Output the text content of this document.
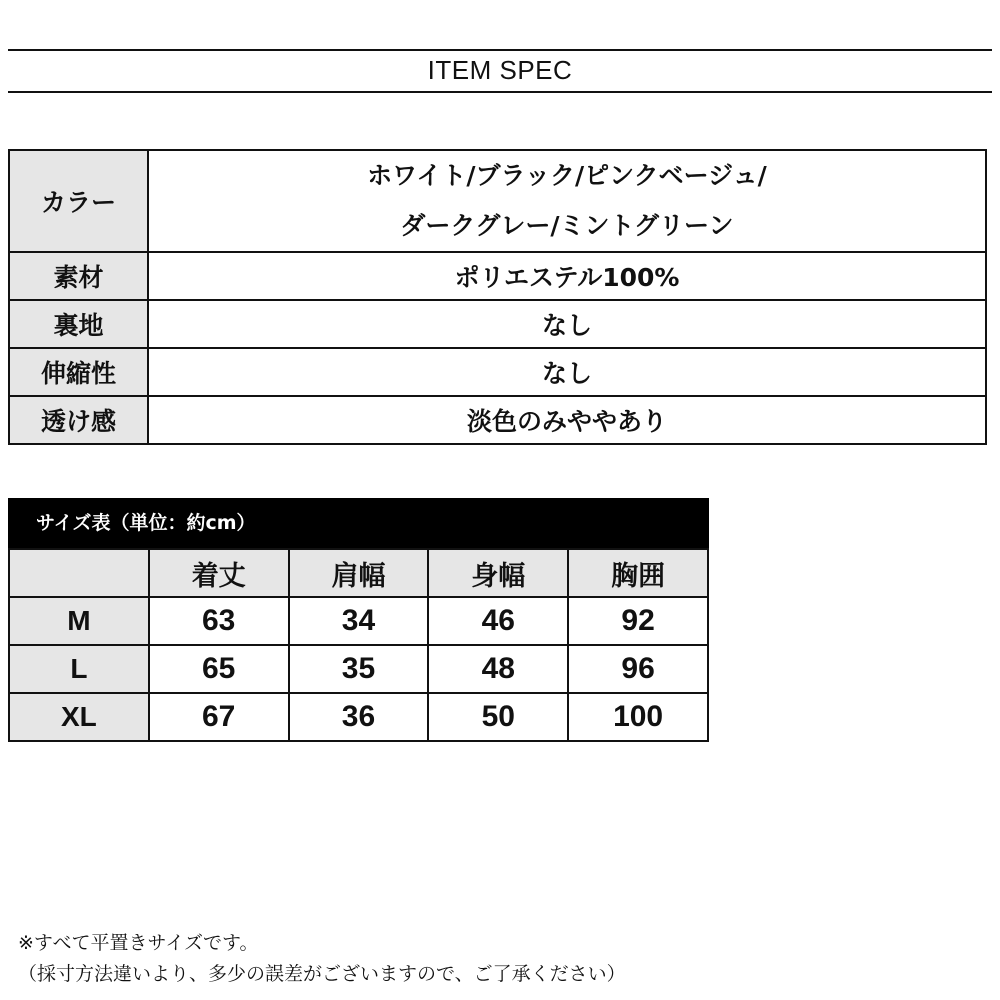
ITEM SPEC
カラー	ホワイト/ブラック/ピンクベージュ/
ダークグレー/ミントグリーン

素材	ポリエステル100%
裏地	なし
伸縮性	なし
透け感	淡色のみややあり
サイズ表（単位：約cm）
	着丈	肩幅	身幅	胸囲
M	63	34	46	92
L	65	35	48	96
XL	67	36	50	100
※すべて平置きサイズです。
（採寸方法違いより、多少の誤差がございますので、ご了承ください）
